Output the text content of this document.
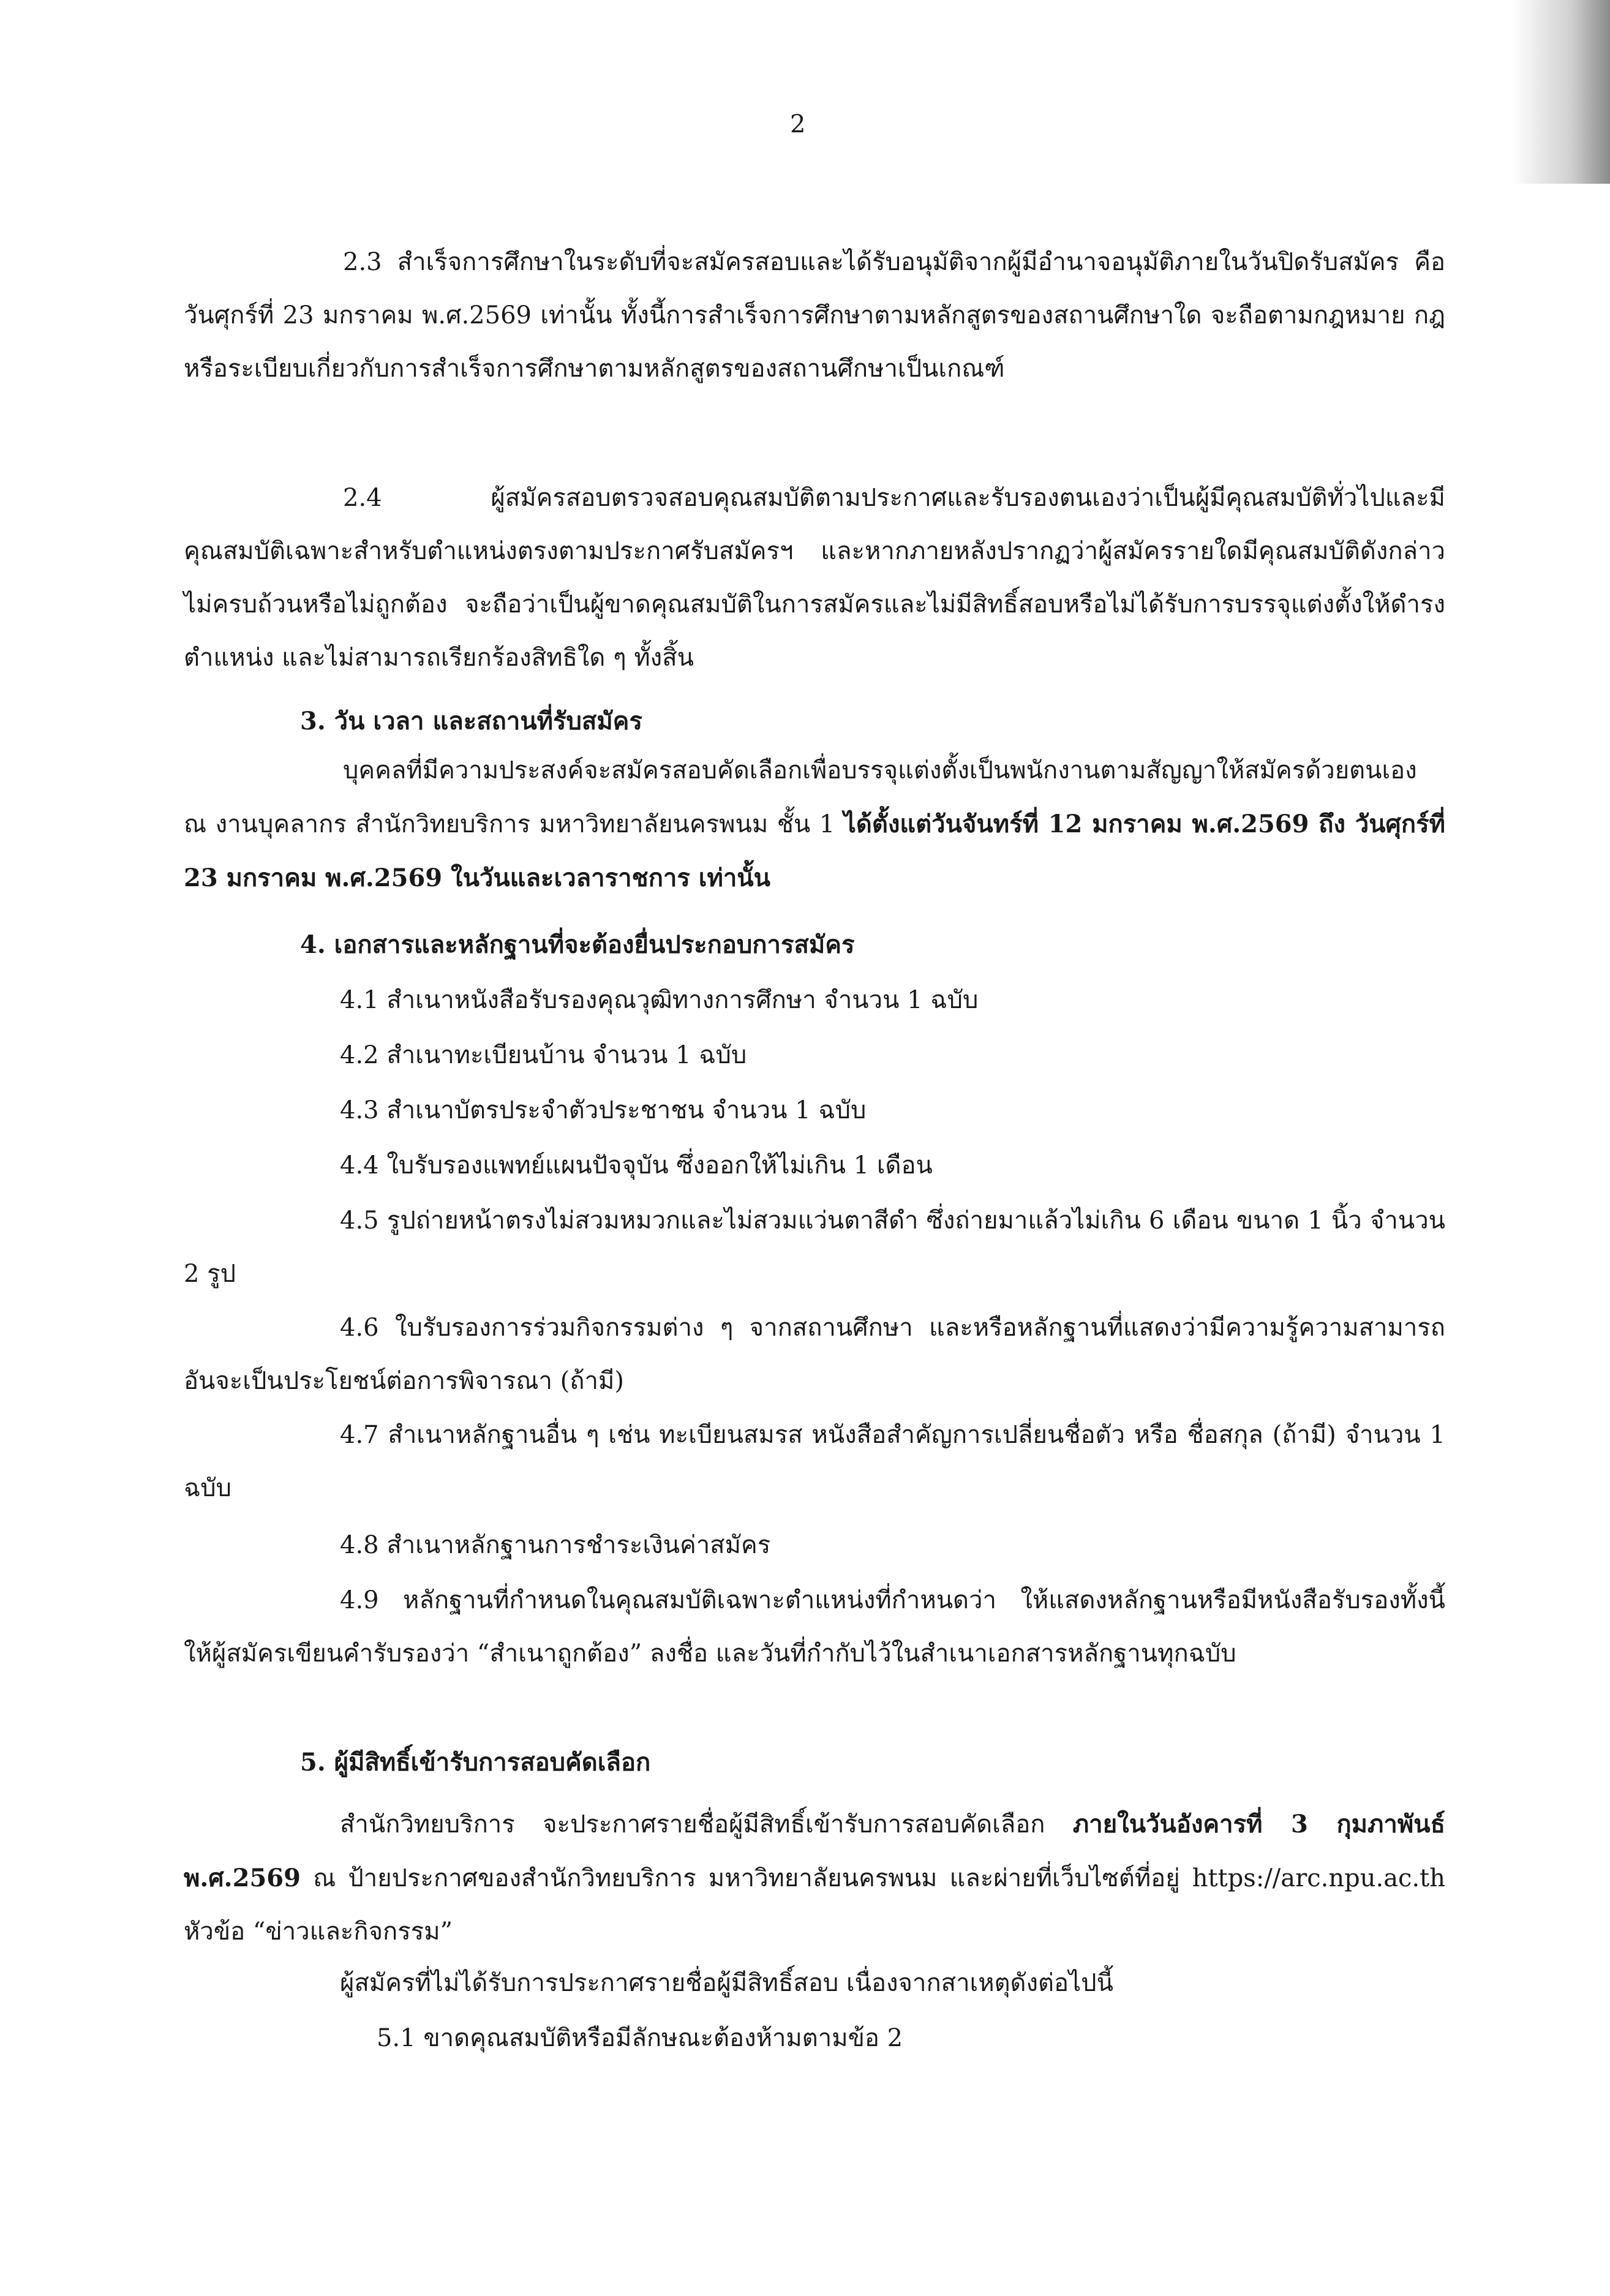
2

2.3 สำเร็จการศึกษาในระดับที่จะสมัครสอบและได้รับอนุมัติจากผู้มีอำนาจอนุมัติภายในวันปิดรับสมัคร คือวันศุกร์ที่ 23 มกราคม พ.ศ.2569 เท่านั้น ทั้งนี้การสำเร็จการศึกษาตามหลักสูตรของสถานศึกษาใด จะถือตามกฎหมาย กฎ หรือระเบียบเกี่ยวกับการสำเร็จการศึกษาตามหลักสูตรของสถานศึกษาเป็นเกณฑ์

2.4 ผู้สมัครสอบตรวจสอบคุณสมบัติตามประกาศและรับรองตนเองว่าเป็นผู้มีคุณสมบัติทั่วไปและมีคุณสมบัติเฉพาะสำหรับตำแหน่งตรงตามประกาศรับสมัครฯ และหากภายหลังปรากฏว่าผู้สมัครรายใดมีคุณสมบัติดังกล่าวไม่ครบถ้วนหรือไม่ถูกต้อง จะถือว่าเป็นผู้ขาดคุณสมบัติในการสมัครและไม่มีสิทธิ์สอบหรือไม่ได้รับการบรรจุแต่งตั้งให้ดำรงตำแหน่ง และไม่สามารถเรียกร้องสิทธิใด ๆ ทั้งสิ้น

3. วัน เวลา และสถานที่รับสมัคร

บุคคลที่มีความประสงค์จะสมัครสอบคัดเลือกเพื่อบรรจุแต่งตั้งเป็นพนักงานตามสัญญาให้สมัครด้วยตนเอง ณ งานบุคลากร สำนักวิทยบริการ มหาวิทยาลัยนครพนม ชั้น 1 ได้ตั้งแต่วันจันทร์ที่ 12 มกราคม พ.ศ.2569 ถึง วันศุกร์ที่ 23 มกราคม พ.ศ.2569 ในวันและเวลาราชการ เท่านั้น

4. เอกสารและหลักฐานที่จะต้องยื่นประกอบการสมัคร

4.1 สำเนาหนังสือรับรองคุณวุฒิทางการศึกษา จำนวน 1 ฉบับ

4.2 สำเนาทะเบียนบ้าน จำนวน 1 ฉบับ

4.3 สำเนาบัตรประจำตัวประชาชน จำนวน 1 ฉบับ

4.4 ใบรับรองแพทย์แผนปัจจุบัน ซึ่งออกให้ไม่เกิน 1 เดือน

4.5 รูปถ่ายหน้าตรงไม่สวมหมวกและไม่สวมแว่นตาสีดำ ซึ่งถ่ายมาแล้วไม่เกิน 6 เดือน ขนาด 1 นิ้ว จำนวน 2 รูป

4.6 ใบรับรองการร่วมกิจกรรมต่าง ๆ จากสถานศึกษา และหรือหลักฐานที่แสดงว่ามีความรู้ความสามารถ อันจะเป็นประโยชน์ต่อการพิจารณา (ถ้ามี)

4.7 สำเนาหลักฐานอื่น ๆ เช่น ทะเบียนสมรส หนังสือสำคัญการเปลี่ยนชื่อตัว หรือ ชื่อสกุล (ถ้ามี) จำนวน 1 ฉบับ

4.8 สำเนาหลักฐานการชำระเงินค่าสมัคร

4.9 หลักฐานที่กำหนดในคุณสมบัติเฉพาะตำแหน่งที่กำหนดว่า ให้แสดงหลักฐานหรือมีหนังสือรับรองทั้งนี้ ให้ผู้สมัครเขียนคำรับรองว่า “สำเนาถูกต้อง” ลงชื่อ และวันที่กำกับไว้ในสำเนาเอกสารหลักฐานทุกฉบับ

5. ผู้มีสิทธิ์เข้ารับการสอบคัดเลือก

สำนักวิทยบริการ จะประกาศรายชื่อผู้มีสิทธิ์เข้ารับการสอบคัดเลือก ภายในวันอังคารที่ 3 กุมภาพันธ์ พ.ศ.2569 ณ ป้ายประกาศของสำนักวิทยบริการ มหาวิทยาลัยนครพนม และผ่ายที่เว็บไซต์ที่อยู่ https://arc.npu.ac.th หัวข้อ “ข่าวและกิจกรรม”

ผู้สมัครที่ไม่ได้รับการประกาศรายชื่อผู้มีสิทธิ์สอบ เนื่องจากสาเหตุดังต่อไปนี้

5.1 ขาดคุณสมบัติหรือมีลักษณะต้องห้ามตามข้อ 2
